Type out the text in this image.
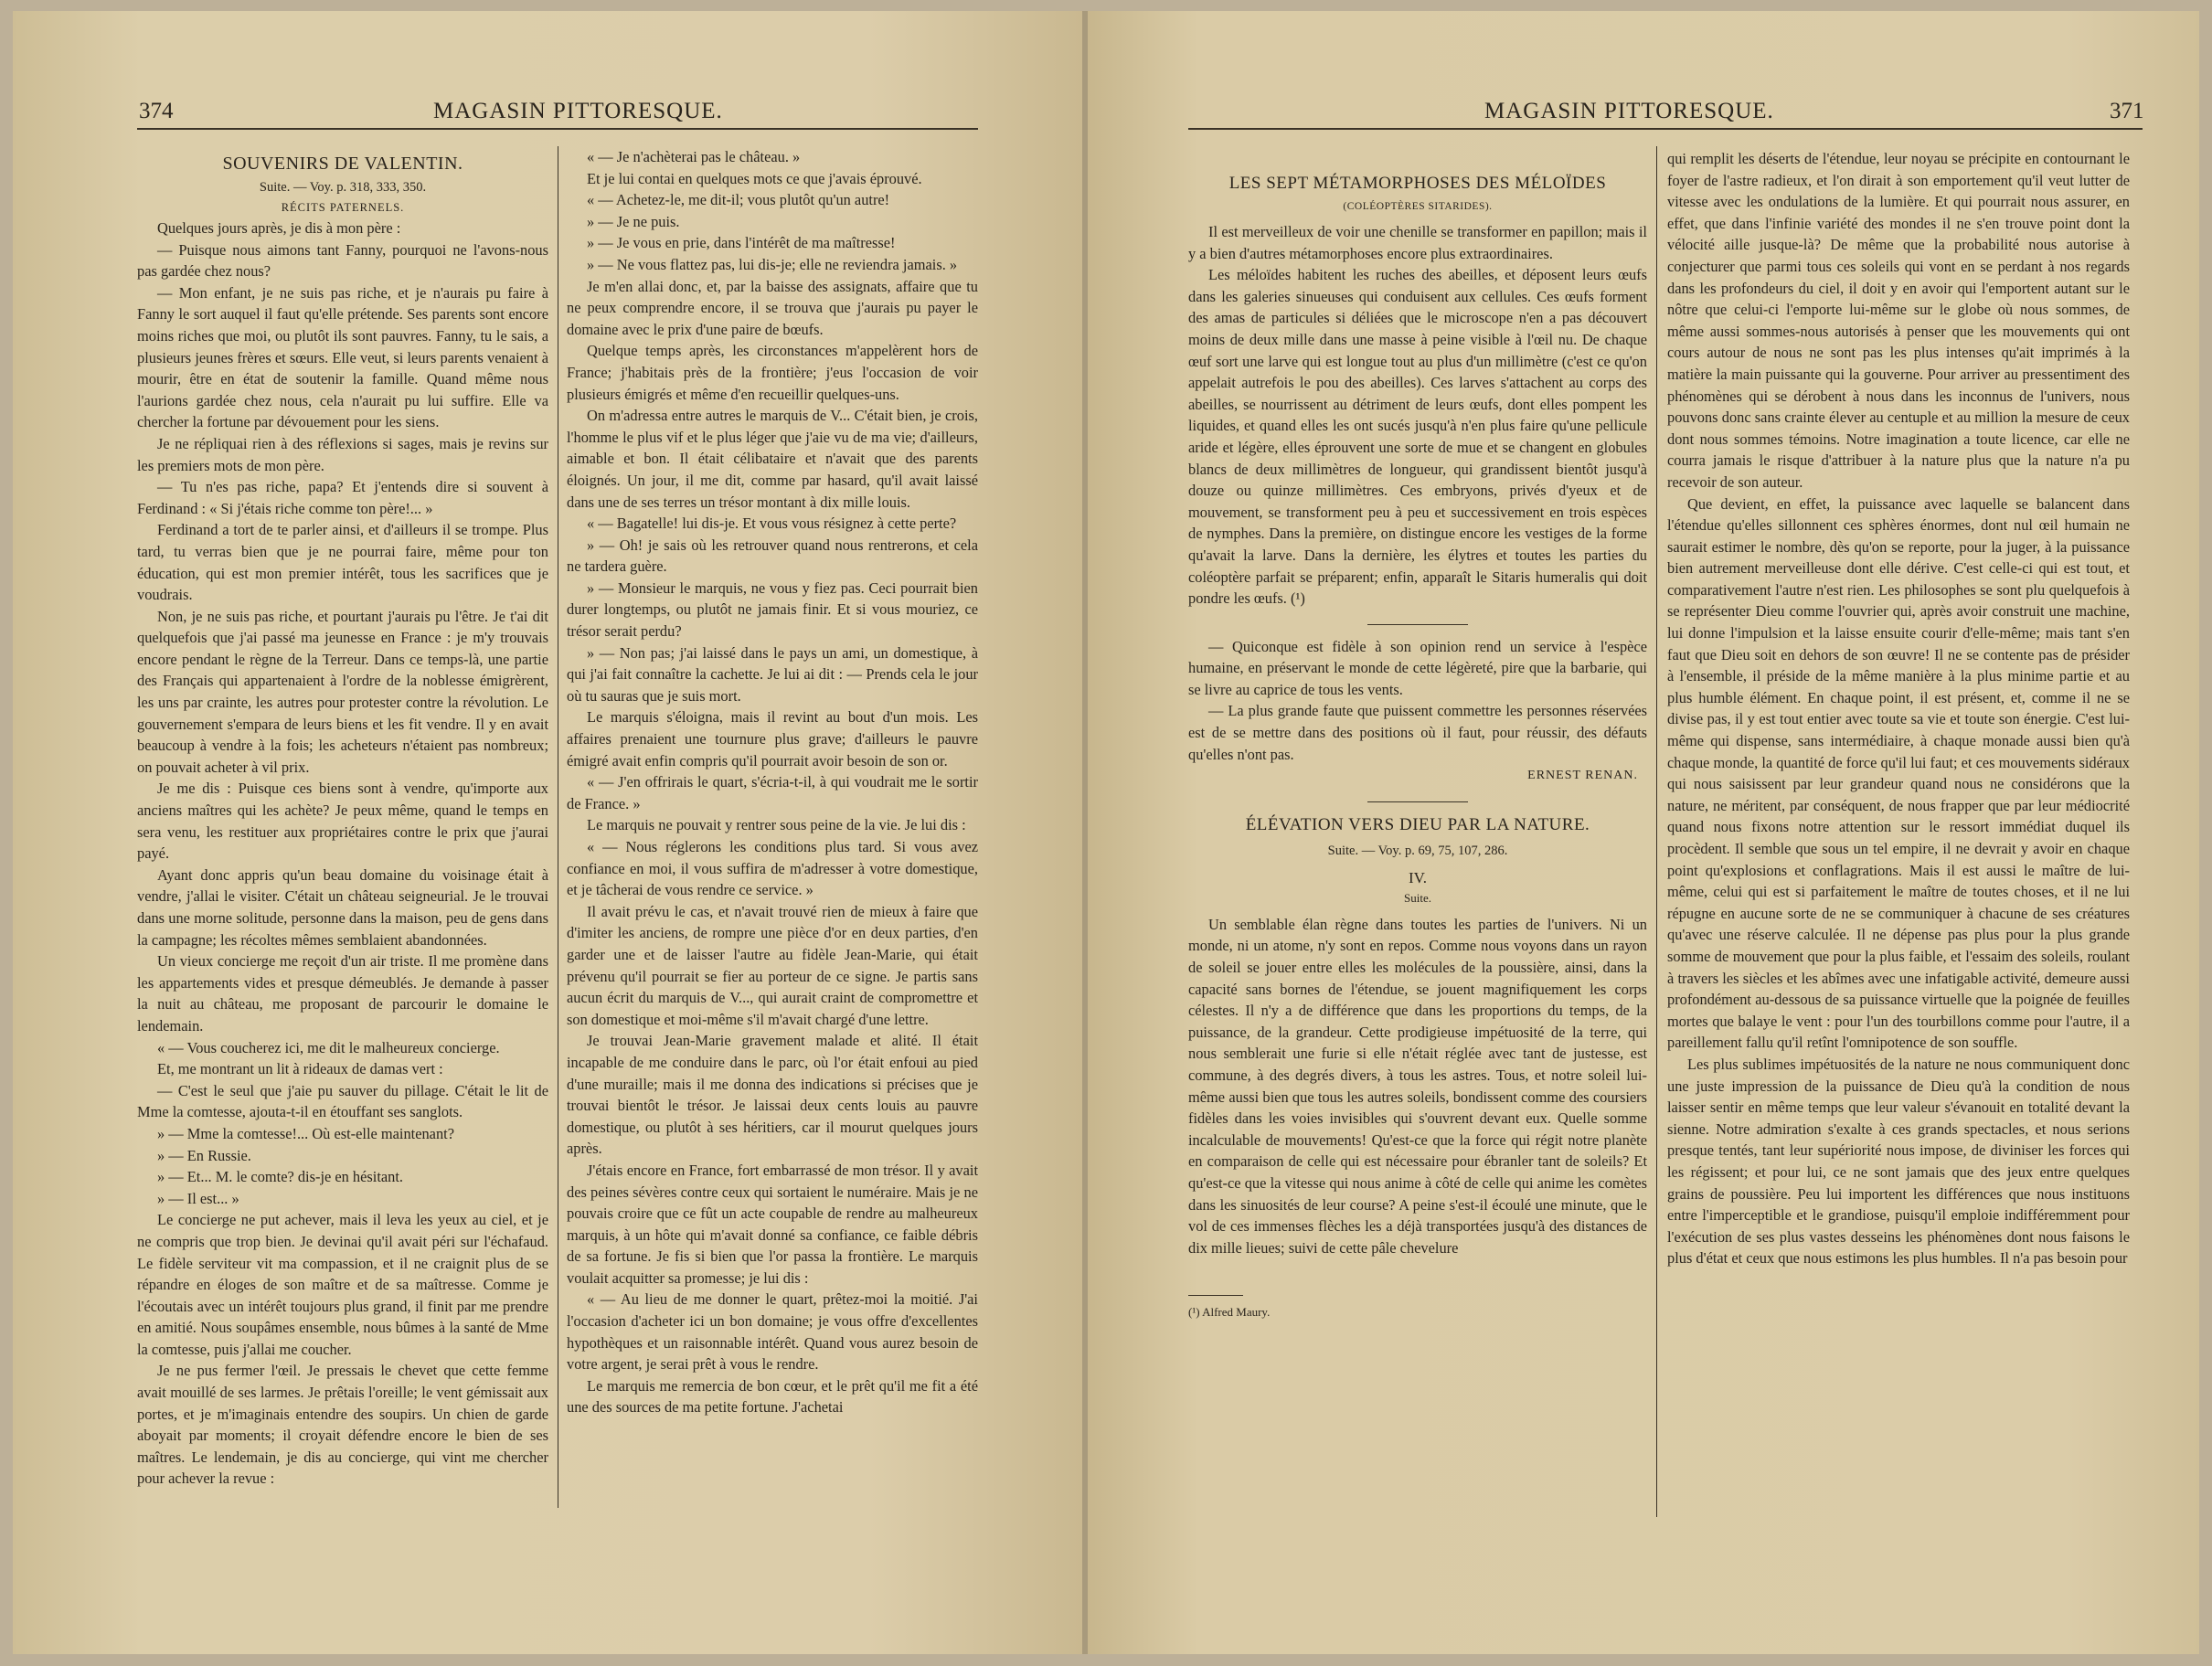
374	MAGASIN PITTORESQUE.
SOUVENIRS DE VALENTIN.
Suite. — Voy. p. 318, 333, 350.
RÉCITS PATERNELS.

Quelques jours après, je dis à mon père :

— Puisque nous aimons tant Fanny, pourquoi ne l'avons-nous pas gardée chez nous?

— Mon enfant, je ne suis pas riche, et je n'aurais pu faire à Fanny le sort auquel il faut qu'elle prétende. Ses parents sont encore moins riches que moi, ou plutôt ils sont pauvres. Fanny, tu le sais, a plusieurs jeunes frères et sœurs. Elle veut, si leurs parents venaient à mourir, être en état de soutenir la famille. Quand même nous l'aurions gardée chez nous, cela n'aurait pu lui suffire. Elle va chercher la fortune par dévouement pour les siens.

Je ne répliquai rien à des réflexions si sages, mais je revins sur les premiers mots de mon père.

— Tu n'es pas riche, papa? Et j'entends dire si souvent à Ferdinand : « Si j'étais riche comme ton père!... »

Ferdinand a tort de te parler ainsi, et d'ailleurs il se trompe. Plus tard, tu verras bien que je ne pourrai faire, même pour ton éducation, qui est mon premier intérêt, tous les sacrifices que je voudrais.

Non, je ne suis pas riche, et pourtant j'aurais pu l'être. Je t'ai dit quelquefois que j'ai passé ma jeunesse en France : je m'y trouvais encore pendant le règne de la Terreur. Dans ce temps-là, une partie des Français qui appartenaient à l'ordre de la noblesse émigrèrent, les uns par crainte, les autres pour protester contre la révolution. Le gouvernement s'empara de leurs biens et les fit vendre. Il y en avait beaucoup à vendre à la fois; les acheteurs n'étaient pas nombreux; on pouvait acheter à vil prix.

Je me dis : Puisque ces biens sont à vendre, qu'importe aux anciens maîtres qui les achète? Je peux même, quand le temps en sera venu, les restituer aux propriétaires contre le prix que j'aurai payé.

Ayant donc appris qu'un beau domaine du voisinage était à vendre, j'allai le visiter. C'était un château seigneurial. Je le trouvai dans une morne solitude, personne dans la maison, peu de gens dans la campagne; les récoltes mêmes semblaient abandonnées.

Un vieux concierge me reçoit d'un air triste. Il me promène dans les appartements vides et presque démeublés. Je demande à passer la nuit au château, me proposant de parcourir le domaine le lendemain.

« — Vous coucherez ici, me dit le malheureux concierge.

Et, me montrant un lit à rideaux de damas vert :

— C'est le seul que j'aie pu sauver du pillage. C'était le lit de Mme la comtesse, ajouta-t-il en étouffant ses sanglots.

» — Mme la comtesse!... Où est-elle maintenant?

» — En Russie.

» — Et... M. le comte? dis-je en hésitant.

» — Il est... »

Le concierge ne put achever, mais il leva les yeux au ciel, et je ne compris que trop bien. Je devinai qu'il avait péri sur l'échafaud. Le fidèle serviteur vit ma compassion, et il ne craignit plus de se répandre en éloges de son maître et de sa maîtresse. Comme je l'écoutais avec un intérêt toujours plus grand, il finit par me prendre en amitié. Nous soupâmes ensemble, nous bûmes à la santé de Mme la comtesse, puis j'allai me coucher.

Je ne pus fermer l'œil. Je pressais le chevet que cette femme avait mouillé de ses larmes. Je prêtais l'oreille; le vent gémissait aux portes, et je m'imaginais entendre des soupirs. Un chien de garde aboyait par moments; il croyait défendre encore le bien de ses maîtres. Le lendemain, je dis au concierge, qui vint me chercher pour achever la revue :

« — Je n'achèterai pas le château. »

Et je lui contai en quelques mots ce que j'avais éprouvé.

« — Achetez-le, me dit-il; vous plutôt qu'un autre!

» — Je ne puis.

» — Je vous en prie, dans l'intérêt de ma maîtresse!

» — Ne vous flattez pas, lui dis-je; elle ne reviendra jamais. »

Je m'en allai donc, et, par la baisse des assignats, affaire que tu ne peux comprendre encore, il se trouva que j'aurais pu payer le domaine avec le prix d'une paire de bœufs.

Quelque temps après, les circonstances m'appelèrent hors de France; j'habitais près de la frontière; j'eus l'occasion de voir plusieurs émigrés et même d'en recueillir quelques-uns.

On m'adressa entre autres le marquis de V... C'était bien, je crois, l'homme le plus vif et le plus léger que j'aie vu de ma vie; d'ailleurs, aimable et bon. Il était célibataire et n'avait que des parents éloignés. Un jour, il me dit, comme par hasard, qu'il avait laissé dans une de ses terres un trésor montant à dix mille louis.

« — Bagatelle! lui dis-je. Et vous vous résignez à cette perte?

» — Oh! je sais où les retrouver quand nous rentrerons, et cela ne tardera guère.

» — Monsieur le marquis, ne vous y fiez pas. Ceci pourrait bien durer longtemps, ou plutôt ne jamais finir. Et si vous mouriez, ce trésor serait perdu?

» — Non pas; j'ai laissé dans le pays un ami, un domestique, à qui j'ai fait connaître la cachette. Je lui ai dit : — Prends cela le jour où tu sauras que je suis mort.

Le marquis s'éloigna, mais il revint au bout d'un mois. Les affaires prenaient une tournure plus grave; d'ailleurs le pauvre émigré avait enfin compris qu'il pourrait avoir besoin de son or.

« — J'en offrirais le quart, s'écria-t-il, à qui voudrait me le sortir de France. »

Le marquis ne pouvait y rentrer sous peine de la vie. Je lui dis :

« — Nous réglerons les conditions plus tard. Si vous avez confiance en moi, il vous suffira de m'adresser à votre domestique, et je tâcherai de vous rendre ce service. »

Il avait prévu le cas, et n'avait trouvé rien de mieux à faire que d'imiter les anciens, de rompre une pièce d'or en deux parties, d'en garder une et de laisser l'autre au fidèle Jean-Marie, qui était prévenu qu'il pourrait se fier au porteur de ce signe. Je partis sans aucun écrit du marquis de V..., qui aurait craint de compromettre et son domestique et moi-même s'il m'avait chargé d'une lettre.

Je trouvai Jean-Marie gravement malade et alité. Il était incapable de me conduire dans le parc, où l'or était enfoui au pied d'une muraille; mais il me donna des indications si précises que je trouvai bientôt le trésor. Je laissai deux cents louis au pauvre domestique, ou plutôt à ses héritiers, car il mourut quelques jours après.

J'étais encore en France, fort embarrassé de mon trésor. Il y avait des peines sévères contre ceux qui sortaient le numéraire. Mais je ne pouvais croire que ce fût un acte coupable de rendre au malheureux marquis, à un hôte qui m'avait donné sa confiance, ce faible débris de sa fortune. Je fis si bien que l'or passa la frontière. Le marquis voulait acquitter sa promesse; je lui dis :

« — Au lieu de me donner le quart, prêtez-moi la moitié. J'ai l'occasion d'acheter ici un bon domaine; je vous offre d'excellentes hypothèques et un raisonnable intérêt. Quand vous aurez besoin de votre argent, je serai prêt à vous le rendre.

Le marquis me remercia de bon cœur, et le prêt qu'il me fit a été une des sources de ma petite fortune. J'achetai

MAGASIN PITTORESQUE.	371
LES SEPT MÉTAMORPHOSES DES MÉLOÏDES
(COLÉOPTÈRES SITARIDES).

Il est merveilleux de voir une chenille se transformer en papillon; mais il y a bien d'autres métamorphoses encore plus extraordinaires.

Les méloïdes habitent les ruches des abeilles, et déposent leurs œufs dans les galeries sinueuses qui conduisent aux cellules. Ces œufs forment des amas de particules si déliées que le microscope n'en a pas découvert moins de deux mille dans une masse à peine visible à l'œil nu. De chaque œuf sort une larve qui est longue tout au plus d'un millimètre (c'est ce qu'on appelait autrefois le pou des abeilles). Ces larves s'attachent au corps des abeilles, se nourrissent au détriment de leurs œufs, dont elles pompent les liquides, et quand elles les ont sucés jusqu'à n'en plus faire qu'une pellicule aride et légère, elles éprouvent une sorte de mue et se changent en globules blancs de deux millimètres de longueur, qui grandissent bientôt jusqu'à douze ou quinze millimètres. Ces embryons, privés d'yeux et de mouvement, se transforment peu à peu et successivement en trois espèces de nymphes. Dans la première, on distingue encore les vestiges de la forme qu'avait la larve. Dans la dernière, les élytres et toutes les parties du coléoptère parfait se préparent; enfin, apparaît le Sitaris humeralis qui doit pondre les œufs. (¹)

— Quiconque est fidèle à son opinion rend un service à l'espèce humaine, en préservant le monde de cette légèreté, pire que la barbarie, qui se livre au caprice de tous les vents.

— La plus grande faute que puissent commettre les personnes réservées est de se mettre dans des positions où il faut, pour réussir, des défauts qu'elles n'ont pas.

ERNEST RENAN.
ÉLÉVATION VERS DIEU PAR LA NATURE.
Suite. — Voy. p. 69, 75, 107, 286.
IV.
Suite.

Un semblable élan règne dans toutes les parties de l'univers. Ni un monde, ni un atome, n'y sont en repos. Comme nous voyons dans un rayon de soleil se jouer entre elles les molécules de la poussière, ainsi, dans la capacité sans bornes de l'étendue, se jouent magnifiquement les corps célestes. Il n'y a de différence que dans les proportions du temps, de la puissance, de la grandeur. Cette prodigieuse impétuosité de la terre, qui nous semblerait une furie si elle n'était réglée avec tant de justesse, est commune, à des degrés divers, à tous les astres. Tous, et notre soleil lui-même aussi bien que tous les autres soleils, bondissent comme des coursiers fidèles dans les voies invisibles qui s'ouvrent devant eux. Quelle somme incalculable de mouvements! Qu'est-ce que la force qui régit notre planète en comparaison de celle qui est nécessaire pour ébranler tant de soleils? Et qu'est-ce que la vitesse qui nous anime à côté de celle qui anime les comètes dans les sinuosités de leur course? A peine s'est-il écoulé une minute, que le vol de ces immenses flèches les a déjà transportées jusqu'à des distances de dix mille lieues; suivi de cette pâle chevelure

(¹) Alfred Maury.

qui remplit les déserts de l'étendue, leur noyau se précipite en contournant le foyer de l'astre radieux, et l'on dirait à son emportement qu'il veut lutter de vitesse avec les ondulations de la lumière. Et qui pourrait nous assurer, en effet, que dans l'infinie variété des mondes il ne s'en trouve point dont la vélocité aille jusque-là? De même que la probabilité nous autorise à conjecturer que parmi tous ces soleils qui vont en se perdant à nos regards dans les profondeurs du ciel, il doit y en avoir qui l'emportent autant sur le nôtre que celui-ci l'emporte lui-même sur le globe où nous sommes, de même aussi sommes-nous autorisés à penser que les mouvements qui ont cours autour de nous ne sont pas les plus intenses qu'ait imprimés à la matière la main puissante qui la gouverne. Pour arriver au pressentiment des phénomènes qui se dérobent à nous dans les inconnus de l'univers, nous pouvons donc sans crainte élever au centuple et au million la mesure de ceux dont nous sommes témoins. Notre imagination a toute licence, car elle ne courra jamais le risque d'attribuer à la nature plus que la nature n'a pu recevoir de son auteur.

Que devient, en effet, la puissance avec laquelle se balancent dans l'étendue qu'elles sillonnent ces sphères énormes, dont nul œil humain ne saurait estimer le nombre, dès qu'on se reporte, pour la juger, à la puissance bien autrement merveilleuse dont elle dérive. C'est celle-ci qui est tout, et comparativement l'autre n'est rien. Les philosophes se sont plu quelquefois à se représenter Dieu comme l'ouvrier qui, après avoir construit une machine, lui donne l'impulsion et la laisse ensuite courir d'elle-même; mais tant s'en faut que Dieu soit en dehors de son œuvre! Il ne se contente pas de présider à l'ensemble, il préside de la même manière à la plus minime partie et au plus humble élément. En chaque point, il est présent, et, comme il ne se divise pas, il y est tout entier avec toute sa vie et toute son énergie. C'est lui-même qui dispense, sans intermédiaire, à chaque monade aussi bien qu'à chaque monde, la quantité de force qu'il lui faut; et ces mouvements sidéraux qui nous saisissent par leur grandeur quand nous ne considérons que la nature, ne méritent, par conséquent, de nous frapper que par leur médiocrité quand nous fixons notre attention sur le ressort immédiat duquel ils procèdent. Il semble que sous un tel empire, il ne devrait y avoir en chaque point qu'explosions et conflagrations. Mais il est aussi le maître de lui-même, celui qui est si parfaitement le maître de toutes choses, et il ne lui répugne en aucune sorte de ne se communiquer à chacune de ses créatures qu'avec une réserve calculée. Il ne dépense pas plus pour la plus grande somme de mouvement que pour la plus faible, et l'essaim des soleils, roulant à travers les siècles et les abîmes avec une infatigable activité, demeure aussi profondément au-dessous de sa puissance virtuelle que la poignée de feuilles mortes que balaye le vent : pour l'un des tourbillons comme pour l'autre, il a pareillement fallu qu'il retînt l'omnipotence de son souffle.

Les plus sublimes impétuosités de la nature ne nous communiquent donc une juste impression de la puissance de Dieu qu'à la condition de nous laisser sentir en même temps que leur valeur s'évanouit en totalité devant la sienne. Notre admiration s'exalte à ces grands spectacles, et nous serions presque tentés, tant leur supériorité nous impose, de diviniser les forces qui les régissent; et pour lui, ce ne sont jamais que des jeux entre quelques grains de poussière. Peu lui importent les différences que nous instituons entre l'imperceptible et le grandiose, puisqu'il emploie indifféremment pour l'exécution de ses plus vastes desseins les phénomènes dont nous faisons le plus d'état et ceux que nous estimons les plus humbles. Il n'a pas besoin pour
